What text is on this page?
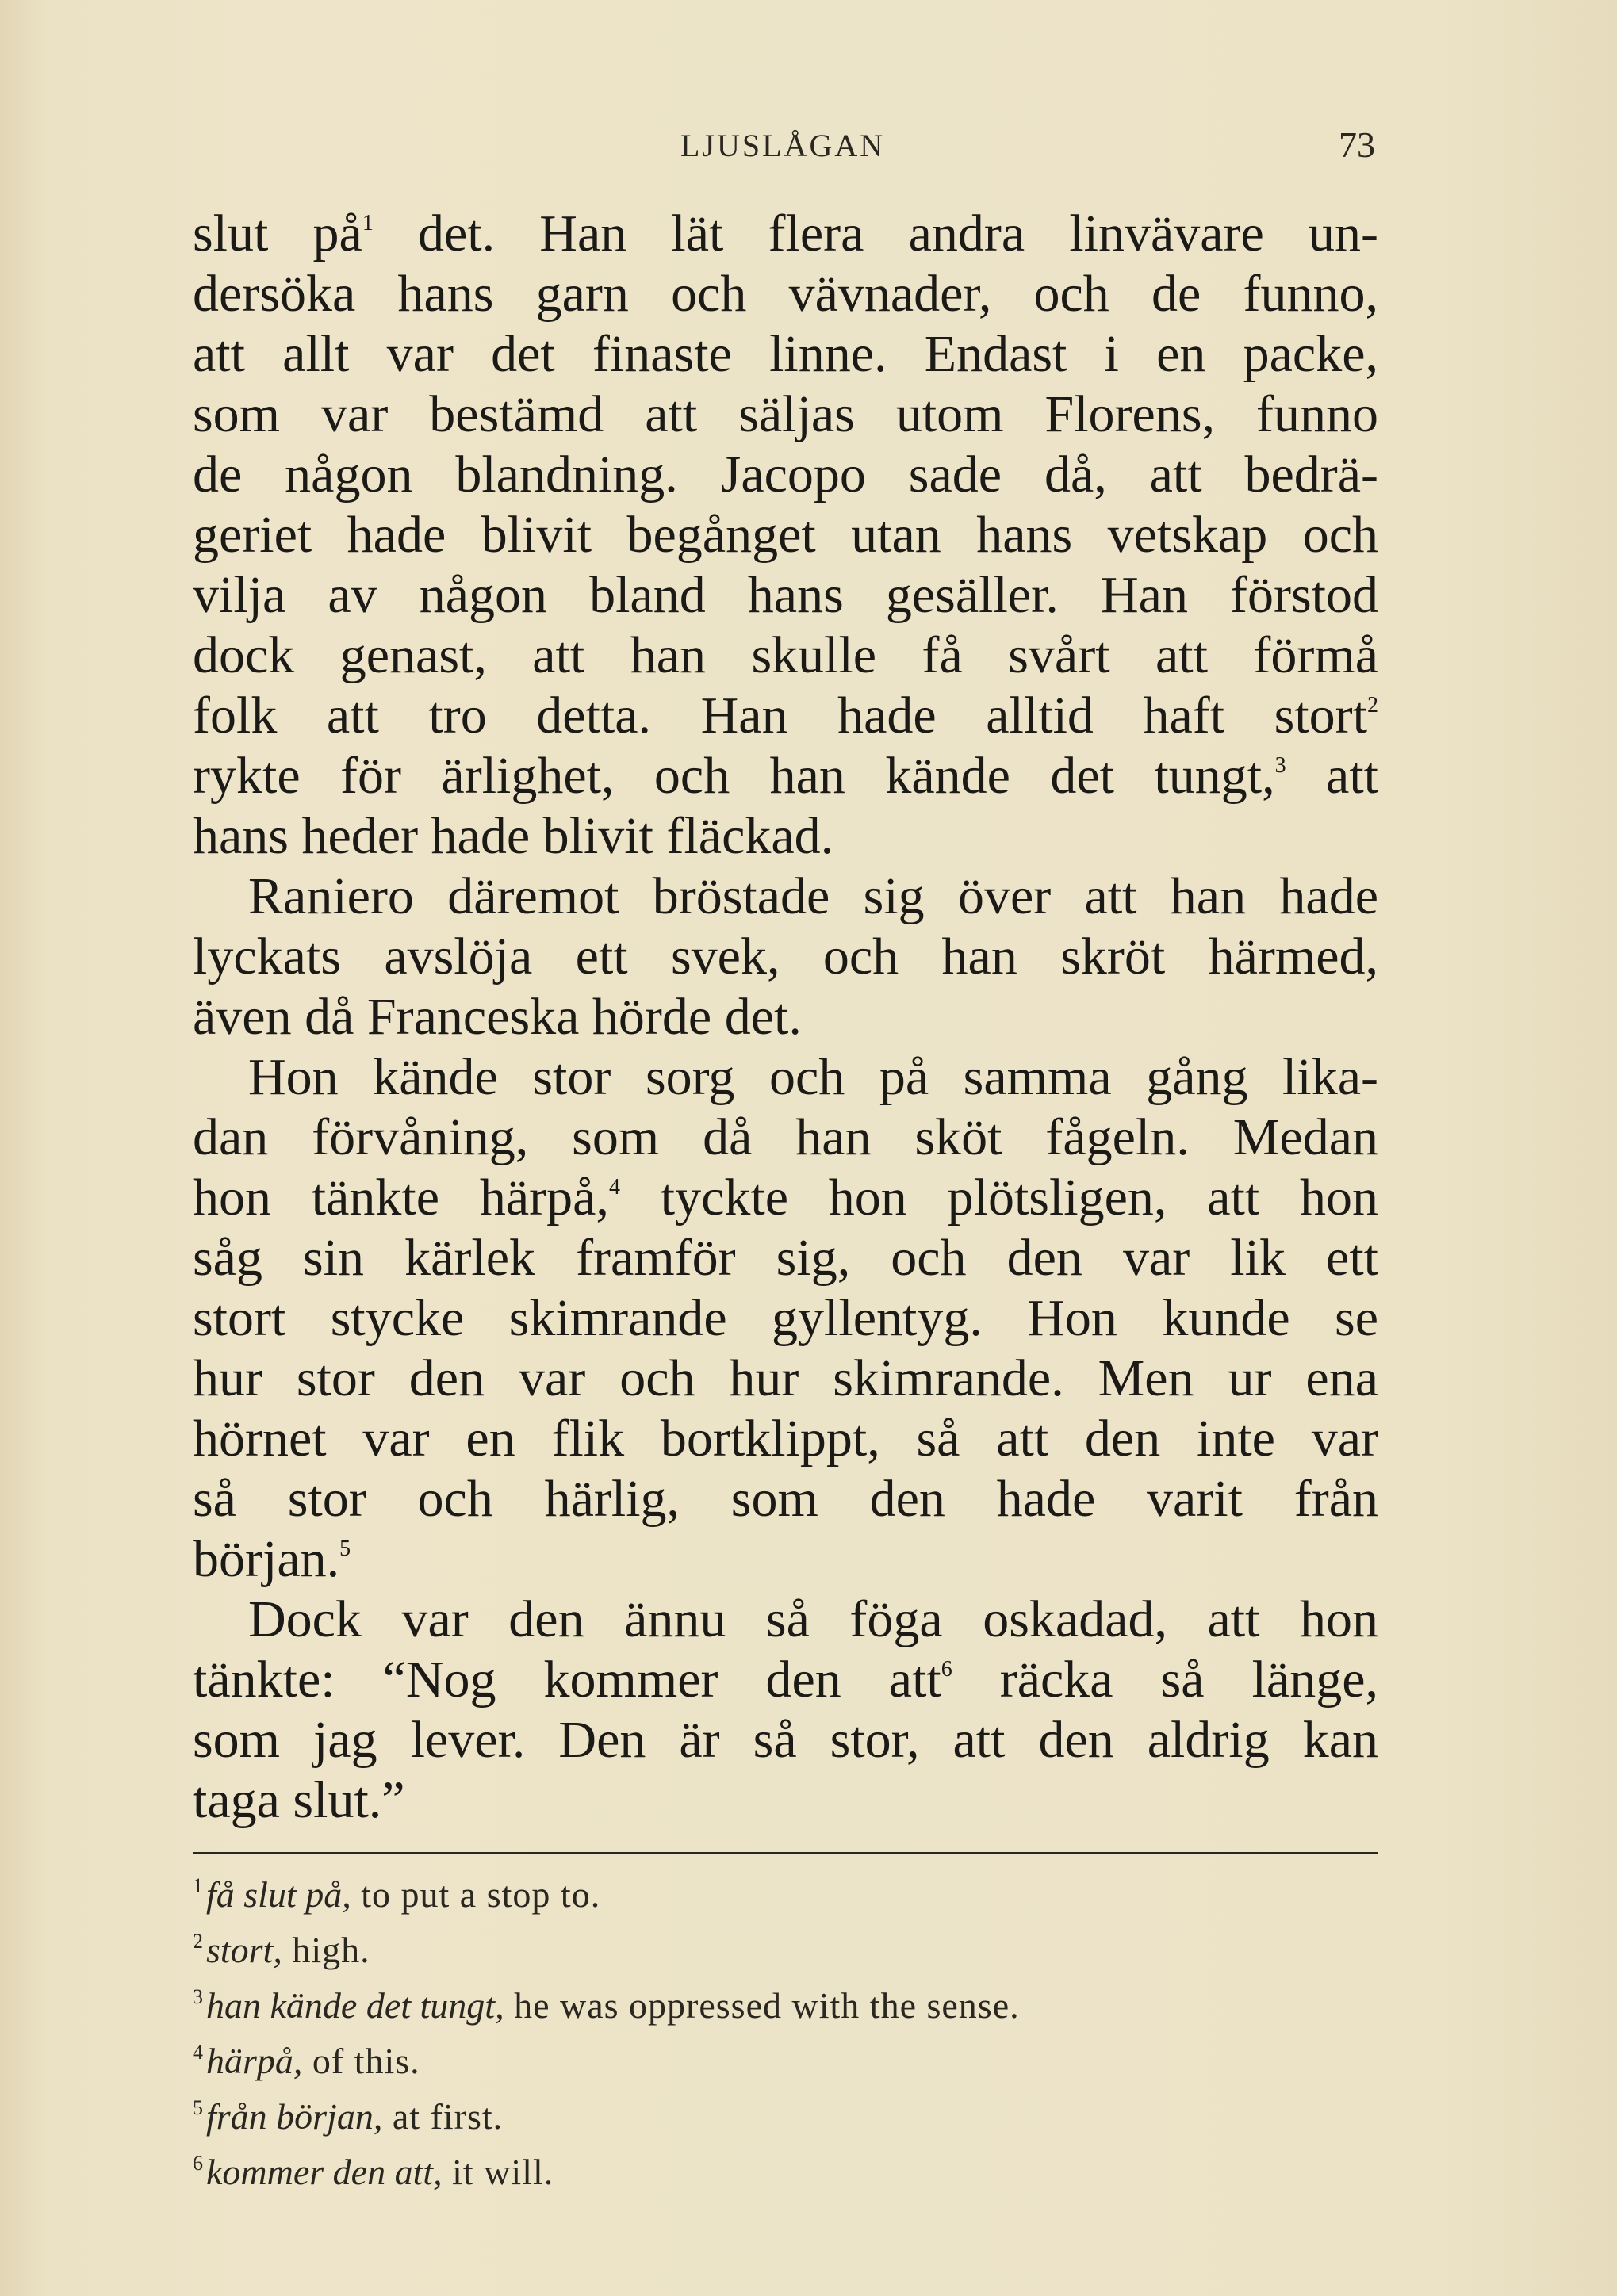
LJUSLÅGAN	73
slut $på^1$ det. Han lät flera andra linvävare un-
dersöka hans garn och vävnader, och de funno,
att allt var det finaste linne. Endast i en packe,
som var bestämd att säljas utom Florens, funno
de någon blandning. Jacopo sade då, att bedrä-
geriet hade blivit begånget utan hans vetskap och
vilja av någon bland hans gesäller. Han förstod
dock genast, att han skulle få svårt att förmå
folk att tro detta. Han hade alltid haft stort$^2$
rykte för ärlighet, och han kände det tungt,$^3$ att
hans heder hade blivit fläckad.
Raniero däremot bröstade sig över att han hade
lyckats avslöja ett svek, och han skröt härmed,
även då Franceska hörde det.
Hon kände stor sorg och på samma gång lika-
dan förvåning, som då han sköt fågeln. Medan
hon tänkte härpå,$^4$ tyckte hon plötsligen, att hon
såg sin kärlek framför sig, och den var lik ett
stort stycke skimrande gyllentyg. Hon kunde se
hur stor den var och hur skimrande. Men ur ena
hörnet var en flik bortklippt, så att den inte var
så stor och härlig, som den hade varit från
början.$^5$
Dock var den ännu så föga oskadad, att hon
tänkte: “Nog kommer den att$^6$ räcka så länge,
som jag lever. Den är så stor, att den aldrig kan
taga slut.”
$^1$få slut på, to put a stop to.
$^2$stort, high.
$^3$han kände det tungt, he was oppressed with the sense.
$^4$härpå, of this.
$^5$från början, at first.
$^6$kommer den att, it will.
